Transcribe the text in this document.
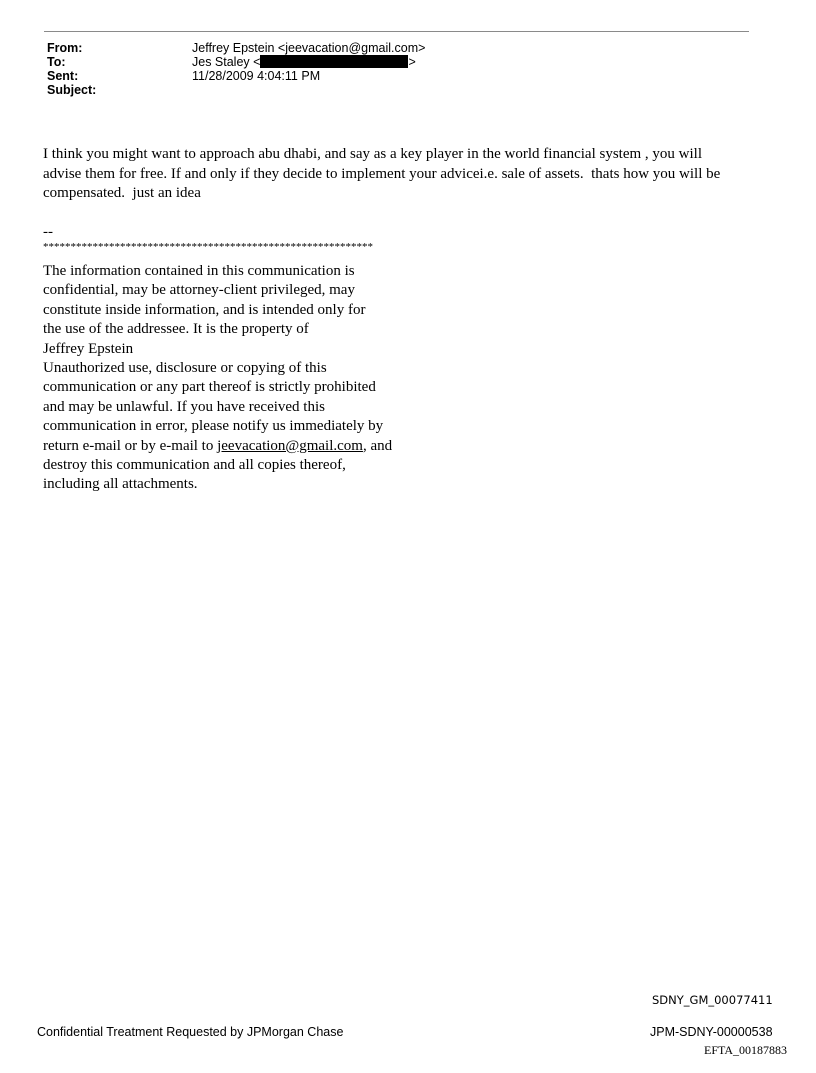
From:	Jeffrey Epstein <jeevacation@gmail.com>
To:	Jes Staley <	>
Sent:	11/28/2009 4:04:11 PM
Subject:
I think you might want to approach abu dhabi, and say as a key player in the world financial system , you will advise them for free. If and only if they decide to implement your advicei.e. sale of assets.  thats how you will be compensated.  just an idea
--
************************************************************
The information contained in this communication is
confidential, may be attorney-client privileged, may
constitute inside information, and is intended only for
the use of the addressee. It is the property of
Jeffrey Epstein
Unauthorized use, disclosure or copying of this
communication or any part thereof is strictly prohibited
and may be unlawful. If you have received this
communication in error, please notify us immediately by
return e-mail or by e-mail to jeevacation@gmail.com, and
destroy this communication and all copies thereof,
including all attachments.
SDNY_GM_00077411
Confidential Treatment Requested by JPMorgan Chase	JPM-SDNY-00000538
EFTA_00187883
